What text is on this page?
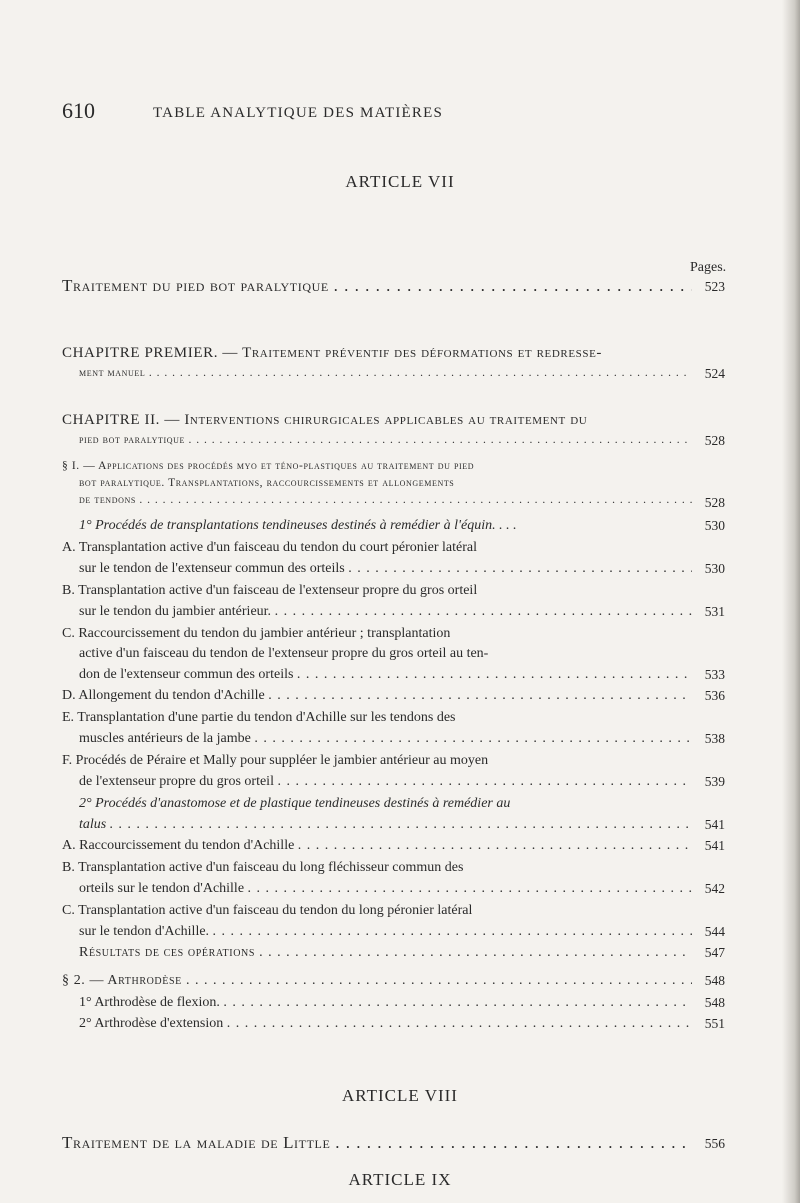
610	TABLE ANALYTIQUE DES MATIÈRES
ARTICLE VII
Pages.
Traitement du pied bot paralytique . . .	523
CHAPITRE PREMIER. — Traitement préventif des déformations et redresse-
ment manuel . . .	524
CHAPITRE II. — Interventions chirurgicales applicables au traitement du
pied bot paralytique . . .	528
§ I. — Applications des procédés myo et téno-plastiques au traitement du pied
bot paralytique. Transplantations, raccourcissements et allongements
de tendons . . .	528
1° Procédés de transplantations tendineuses destinés à remédier à l'équin. . . .	530
A. Transplantation active d'un faisceau du tendon du court péronier latéral
sur le tendon de l'extenseur commun des orteils . . .	530
B. Transplantation active d'un faisceau de l'extenseur propre du gros orteil
sur le tendon du jambier antérieur. . . .	531
C. Raccourcissement du tendon du jambier antérieur ; transplantation
active d'un faisceau du tendon de l'extenseur propre du gros orteil au ten-
don de l'extenseur commun des orteils . . .	533
D. Allongement du tendon d'Achille . . .	536
E. Transplantation d'une partie du tendon d'Achille sur les tendons des
muscles antérieurs de la jambe . . .	538
F. Procédés de Péraire et Mally pour suppléer le jambier antérieur au moyen
de l'extenseur propre du gros orteil . . .	539
2° Procédés d'anastomose et de plastique tendineuses destinés à remédier au
talus . . .	541
A. Raccourcissement du tendon d'Achille . . .	541
B. Transplantation active d'un faisceau du long fléchisseur commun des
orteils sur le tendon d'Achille . . .	542
C. Transplantation active d'un faisceau du tendon du long péronier latéral
sur le tendon d'Achille. . . .	544
Résultats de ces opérations . . .	547
§ 2. — Arthrodèse . . .	548
1° Arthrodèse de flexion. . . .	548
2° Arthrodèse d'extension . . .	551
ARTICLE VIII
Traitement de la maladie de Little . . .	556
ARTICLE IX
